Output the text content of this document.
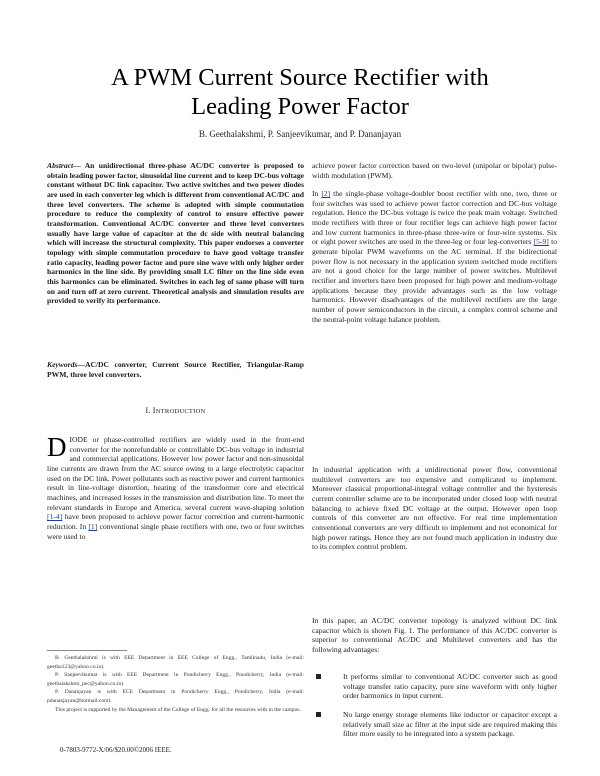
A PWM Current Source Rectifier with
Leading Power Factor
B. Geethalakshmi, P. Sanjeevikumar, and P. Dananjayan
Abstract— An unidirectional three-phase AC/DC converter is proposed to obtain leading power factor, sinusoidal line current and to keep DC-bus voltage constant without DC link capacitor. Two active switches and two power diodes are used in each converter leg which is different from conventional AC/DC and three level converters. The scheme is adopted with simple commutation procedure to reduce the complexity of control to ensure effective power transformation. Conventional AC/DC converter and three level converters usually have large value of capacitor at the dc side with neutral balancing which will increase the structural complexity. This paper endorses a converter topology with simple commutation procedure to have good voltage transfer ratio capacity, leading power factor and pure sine wave with only higher order harmonics in the line side. By providing small LC filter on the line side even this harmonics can be eliminated. Switches in each leg of same phase will turn on and turn off at zero current. Theoretical analysis and simulation results are provided to verify its performance.
Keywords—AC/DC converter, Current Source Rectifier, Triangular-Ramp PWM, three level converters.
I. INTRODUCTION
DIODE or phase-controlled rectifiers are widely used in the front-end converter for the nonrefundable or controllable DC-bus voltage in industrial and commercial applications. However low power factor and non-sinusoidal line currents are drawn from the AC source owing to a large electrolytic capacitor used on the DC link. Power pollutants such as reactive power and current harmonics result in line-voltage distortion, heating of the transformer core and electrical machines, and increased losses in the transmission and distribution line. To meet the relevant standards in Europe and America, several current wave-shaping solution [1-4] have been proposed to achieve power factor correction and current-harmonic reduction. In [1] conventional single phase rectifiers with one, two or four switches were used to

B. Geethalakshmi is with EEE Department in EEE College of Engg., Tamilnadu, India (e-mail: geetha123@yahoo.co.in).

P. Sanjeevikumar is with EEE Department in Pondicherry Engg., Pondicherry, India (e-mail: geethalakshmi_pec@yahoo.co.in).

P. Dananjayan is with ECE Department in Pondicherry Engg., Pondicherry, India (e-mail: pdananjayan@hotmail.com).

This project is supported by the Management of the College of Engg. for all the resources with in the campus.

0-7803-9772-X/06/$20.00©2006 IEEE.
achieve power factor correction based on two-level (unipolar or bipolar) pulse-width modulation (PWM).
In [2] the single-phase voltage-doubler boost rectifier with one, two, three or four switches was used to achieve power factor correction and DC-bus voltage regulation. Hence the DC-bus voltage is twice the peak main voltage. Switched mode rectifiers with three or four rectifier legs can achieve high power factor and low current harmonics in three-phase three-wire or four-wire systems. Six or eight power switches are used in the three-leg or four leg-converters [5-9] to generate bipolar PWM waveforms on the AC terminal. If the bidirectional power flow is not necessary in the application system switched mode rectifiers are not a good choice for the large number of power switches. Multilevel rectifier and inverters have been proposed for high power and medium-voltage applications because they provide advantages such as the low voltage harmonics. However disadvantages of the multilevel rectifiers are the large number of power semiconductors in the circuit, a complex control scheme and the neutral-point voltage balance problem.
In industrial application with a unidirectional power flow, conventional multilevel converters are too expensive and complicated to implement. Moreover classical proportional-integral voltage controller and the hysteresis current controller scheme are to be incorporated under closed loop with neutral balancing to achieve fixed DC voltage at the output. However open loop controls of this converter are not effective. For real time implementation conventional converters are very difficult to implement and not economical for high power ratings. Hence they are not found much application in industry due to its complex control problem.
In this paper, an AC/DC converter topology is analyzed without DC link capacitor which is shown Fig. 1. The performance of this AC/DC converter is superior to conventional AC/DC and Multilevel converters and has the following advantages:
It performs similar to conventional AC/DC converter such as good voltage transfer ratio capacity, pure sine waveform with only higher order harmonics in input current.
No large energy storage elements like inductor or capacitor except a relatively small size ac filter at the input side are required making this filter more easily to be integrated into a system package.
